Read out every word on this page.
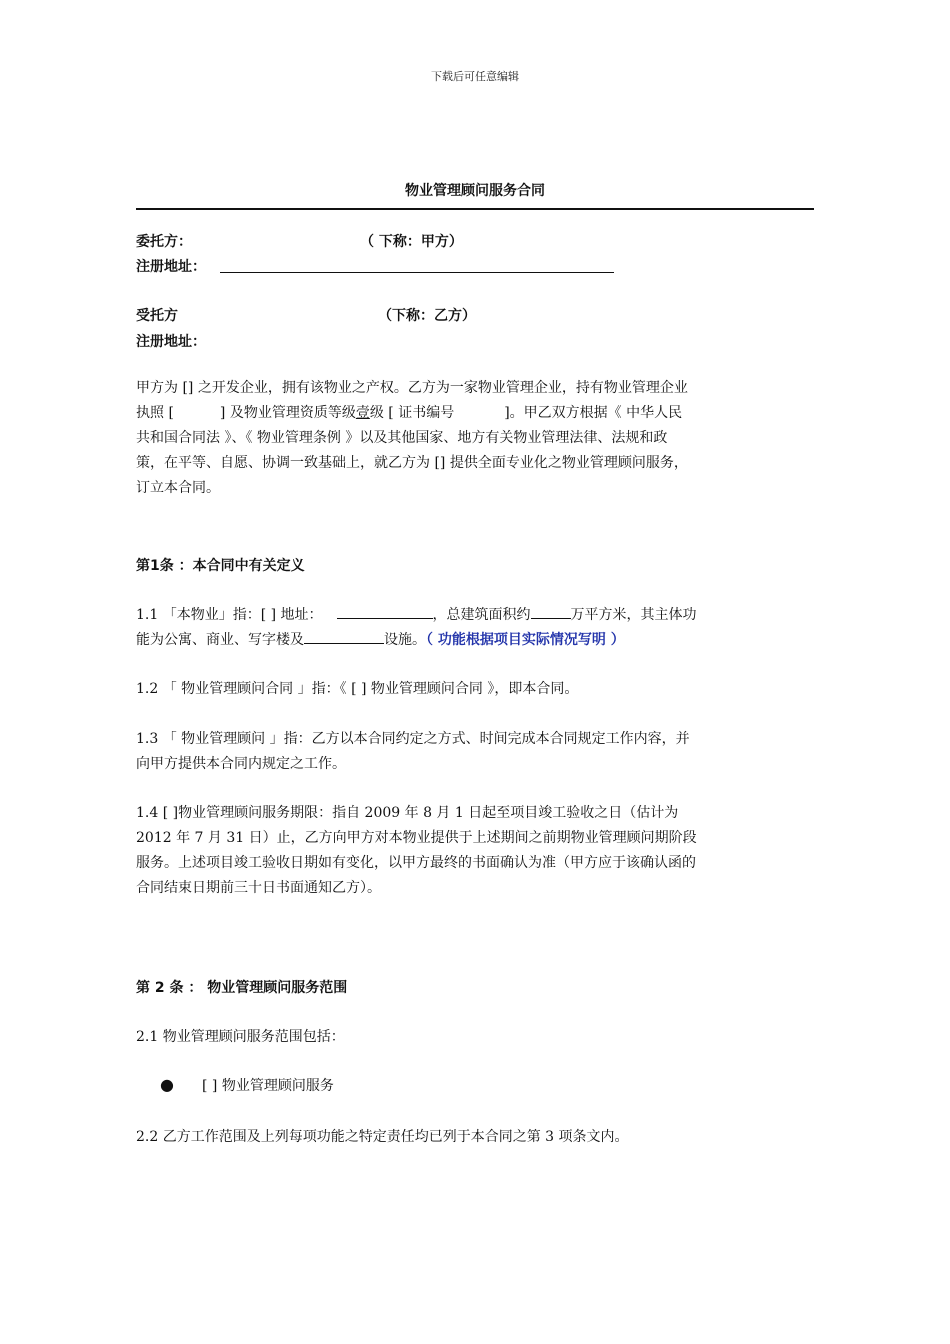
下载后可任意编辑
物业管理顾问服务合同
委托方：	（ 下称：甲方）
注册地址：
受托方	（下称：乙方）
注册地址：
甲方为 [] 之开发企业，拥有该物业之产权。乙方为一家物业管理企业，持有物业管理企业
执照 [	] 及物业管理资质等级壹级 [ 证书编号	]。甲乙双方根据《 中华人民
共和国合同法 》、《 物业管理条例 》以及其他国家、地方有关物业管理法律、法规和政
策，在平等、自愿、协调一致基础上，就乙方为 [] 提供全面专业化之物业管理顾问服务，
订立本合同。
第1条 ：本合同中有关定义
1.1 「本物业」指：[ ] 地址：	，总建筑面积约	万平方米，其主体功
能为公寓、商业、写字楼及	设施。（ 功能根据项目实际情况写明 ）
1.2 「 物业管理顾问合同 」指：《 [ ] 物业管理顾问合同 》，即本合同。
1.3 「 物业管理顾问 」指：乙方以本合同约定之方式、时间完成本合同规定工作内容，并
向甲方提供本合同内规定之工作。
1.4 [ ]物业管理顾问服务期限：指自 2009 年 8 月 1 日起至项目竣工验收之日（估计为
2012 年 7 月 31 日）止，乙方向甲方对本物业提供于上述期间之前期物业管理顾问期阶段
服务。上述项目竣工验收日期如有变化，以甲方最终的书面确认为准（甲方应于该确认函的
合同结束日期前三十日书面通知乙方）。
第 2 条 ： 物业管理顾问服务范围
2.1 物业管理顾问服务范围包括：
● [ ] 物业管理顾问服务
2.2 乙方工作范围及上列每项功能之特定责任均已列于本合同之第 3 项条文内。
